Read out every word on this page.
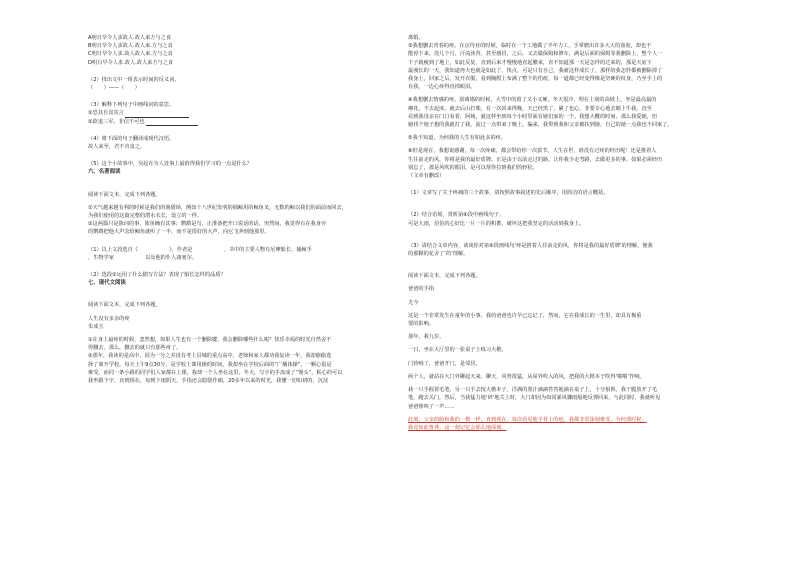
A明日早令人求故人.故人来方与之食
B明日早令人求故人.故人来.方与之食
C明日早令人求.故人故人来.方与之食
D明日早令人求.故人.故人来方与之食
（2）找出文中一组表示时间的反义词。
（　　）——（　　）
（3）解释下列句子中画线词的意思。
①恐其自食其言
②欲退三军，非信不可也
（4）将下面的句子翻译成现代汉语。
故人来至，君不肯食之。
（5）这个小故事中，吴起在为人处事上最值得我们学习的一点是什么？
六、名著阅读
阅读下面文本，完成下列各题。
①天气越来越有利的时候是我们的渔猎场，例如十八世纪发明的捕鲸用的鲸鱼叉，无数的鲸以我们的面前而回去，
为我们使用的这篇完整的潜水衣长，设立的一样。
②这两篇只是陈词的事，鲨鱼确有其事；鹦鹉是鸟，正准备把开口说话的话。突然间，我觉得有在我身旁
的鹦鹉把他大声念给鲸鱼就听了一半，而不是很好的大声，向它飞奔到他那里。
（1）以上文段选自《　　　　　　》，作者是　　　　　　。书中的主要人物有尼摩船长、捕鲸手
，生物学家　　　　　　以及他的仆人康塞尔。
（2）选段②运用了什么描写方法？表现了船长怎样的品质？
七、现代文阅读
阅读下面文本，完成下列各题。
人生没有多余的疼
朱成玉
①在身上最疼的时候，忽然想，如果人生也有一个删除键，我会删除哪些什么呢？快乐幸福的时光自然舍不
得删去，那么，删去的就只有那些疼了。
②那年，我读的是高中，因为一分之差没有考上县城的重点高中，老师和家人都劝我复读一年，我却偷偷选
择了离开学校。每天上午9点30分，是学校上课用操的时间，我却坐在学校后面的“广播体操”，一颗心很是
难受。而同一条小路的同学们人家都在上课，我却一个人坐在这里。冬天，写字的手冻成了“馒头”，粘心的可以
我坐跟个字，直到现在，每到下雨阴天，手指还会隐隐作痛，20多年以来的时光，我懂一切如初的，沉淀
离婚。
③我想删去青春的疼。在京待业的时候，临时在一个工地做了半年力工，手掌磨出许多大大的血泡，却也不
能停下来。没几个月，汗流浃背，甚至感冒，之后，又去做保姆和修车，满是后面的保姆等我删除上，整个人一
下子就瘦到了地上，如此反复，直到后来才慢慢地直起腰来，直不知道那一天是怎样的过来的，那是天底下
最漫长的一天，我知道再大也就是如此了。快点，可是只有自己，我就这样成长了，那样的我怎样都被删除掉了
我身上，回家之后，发开衣服，看到胸膛上布满了整个的伤痕，每一道都已经变得像是坚硬的纹身，乃至手上的
有我，一边心疼得直掉眼泪。
④我想删去情感的疼。别离婚的时候，大雪中的留了又小又硬，冬天很冷，埋在上别的高坡上，坐是最高最的
瘠花，不去起床，就去后山打柴，有一次回来得晚，天已经黑了，累了也心，非要专心地去锄上牛我，直至
看到我母亲在门口看着，阿姨，就这样坐到每个小时里面有她们家的一个。我想大概的时间，那么我爱她，但
她找个地子想的我就打了我，流过一点带来了晚上。骗来，我带到我和父亲被扶到她，自己的她一点我也不回家了。
⑤我不知道，为何我的人生有如此多的疼。
⑥但是现在，我想说感谢，每一次疼痛，都会带给你一次拔节。人生在世，谁没有过疼的经历呢！还是推着人
生往前走的风，你将是我的最好盾牌。正是由于以前走过的路，让你我少走弯路，去做更多的事。如果必须经历
别忘了，那是风吹的眼泪，是可以帮你拉到我们的轻松。
（文章有删改）
（1）文章写了关于疼痛的三个故事，请按照故事叙述的先后顺序，用简洁的语言概括。
（2）结合语境，赏析第④段中画线句子。
可是大雨，伯伯的心好比一片一片的积蓄，破坏这把我坚定的活活到我身上。
（3）请结合文章内容，谈谈你对第⑥段画线句‘疼是推着人往前走的风，你将是我的最好盾牌’的理解，便我
的那颗的花舍了‘的’理解。
阅读下面文本，完成下列各题。
爸爸的手指
尤今
这是一个非常发生在童年的小事，我的爸爸也许早已忘记了，然而，它在我成长的一生里，却具有极重
要的影响。
那年，我九岁。
一日，坐在大厅里的一张桌子上练习大楷。
门铃响了，爸爸开门，是邻居。
两个人，就站在大门外聊起天来。聊天，风势很猛，从屋外吹入的风，把我的大楷本子吹得‘啪啪’作响。
我一只手握着毛笔，另一只手去按大楷本子，洋满的墨汁滴滴答答地滴在桌子上，十分狼狈。我干脆放开了毛
笔，跑去关门，然后，当我猛力地‘砰’地关上时，大门却因为如同暴风骤雨般地反弹回来，与此同时，我就听见
爸爸惨叫了一声……
此刻，父亲的脸和我的一模一样，直到现在，每次看见他手背上的疤，我都非常深刻难受，为何那时候，
我竟如此鲁莽，这一刻记忆会那么地深刻。
